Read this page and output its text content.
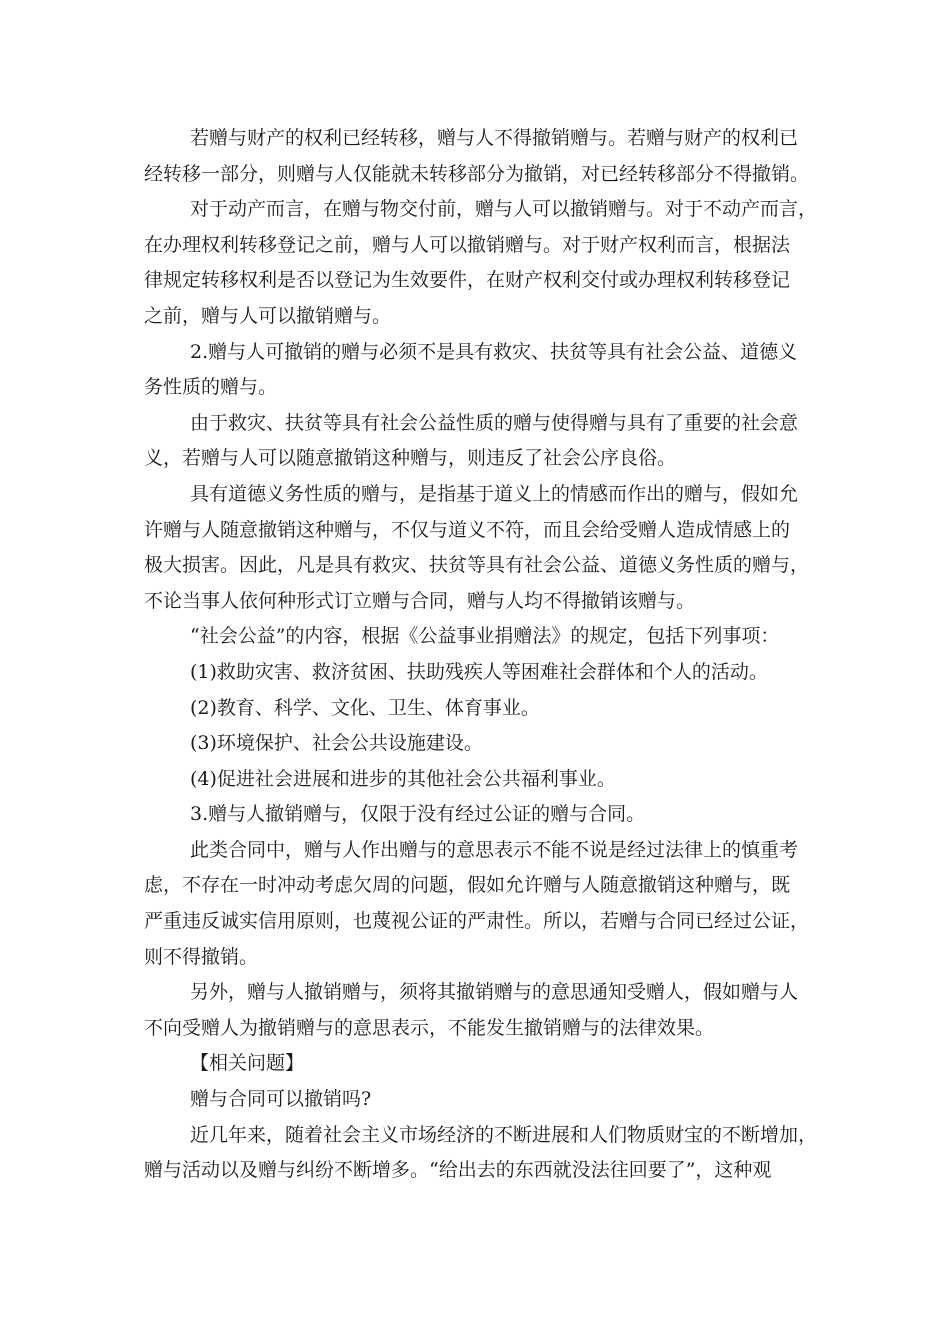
若赠与财产的权利已经转移，赠与人不得撤销赠与。若赠与财产的权利已
经转移一部分，则赠与人仅能就未转移部分为撤销，对已经转移部分不得撤销。
对于动产而言，在赠与物交付前，赠与人可以撤销赠与。对于不动产而言，
在办理权利转移登记之前，赠与人可以撤销赠与。对于财产权利而言，根据法
律规定转移权利是否以登记为生效要件，在财产权利交付或办理权利转移登记
之前，赠与人可以撤销赠与。
2.赠与人可撤销的赠与必须不是具有救灾、扶贫等具有社会公益、道德义
务性质的赠与。
由于救灾、扶贫等具有社会公益性质的赠与使得赠与具有了重要的社会意
义，若赠与人可以随意撤销这种赠与，则违反了社会公序良俗。
具有道德义务性质的赠与，是指基于道义上的情感而作出的赠与，假如允
许赠与人随意撤销这种赠与，不仅与道义不符，而且会给受赠人造成情感上的
极大损害。因此，凡是具有救灾、扶贫等具有社会公益、道德义务性质的赠与，
不论当事人依何种形式订立赠与合同，赠与人均不得撤销该赠与。
“社会公益”的内容，根据《公益事业捐赠法》的规定，包括下列事项：
(1)救助灾害、救济贫困、扶助残疾人等困难社会群体和个人的活动。
(2)教育、科学、文化、卫生、体育事业。
(3)环境保护、社会公共设施建设。
(4)促进社会进展和进步的其他社会公共福利事业。
3.赠与人撤销赠与，仅限于没有经过公证的赠与合同。
此类合同中，赠与人作出赠与的意思表示不能不说是经过法律上的慎重考
虑，不存在一时冲动考虑欠周的问题，假如允许赠与人随意撤销这种赠与，既
严重违反诚实信用原则，也蔑视公证的严肃性。所以，若赠与合同已经过公证，
则不得撤销。
另外，赠与人撤销赠与，须将其撤销赠与的意思通知受赠人，假如赠与人
不向受赠人为撤销赠与的意思表示，不能发生撤销赠与的法律效果。
【相关问题】
赠与合同可以撤销吗?
近几年来，随着社会主义市场经济的不断进展和人们物质财宝的不断增加，
赠与活动以及赠与纠纷不断增多。“给出去的东西就没法往回要了”，这种观
